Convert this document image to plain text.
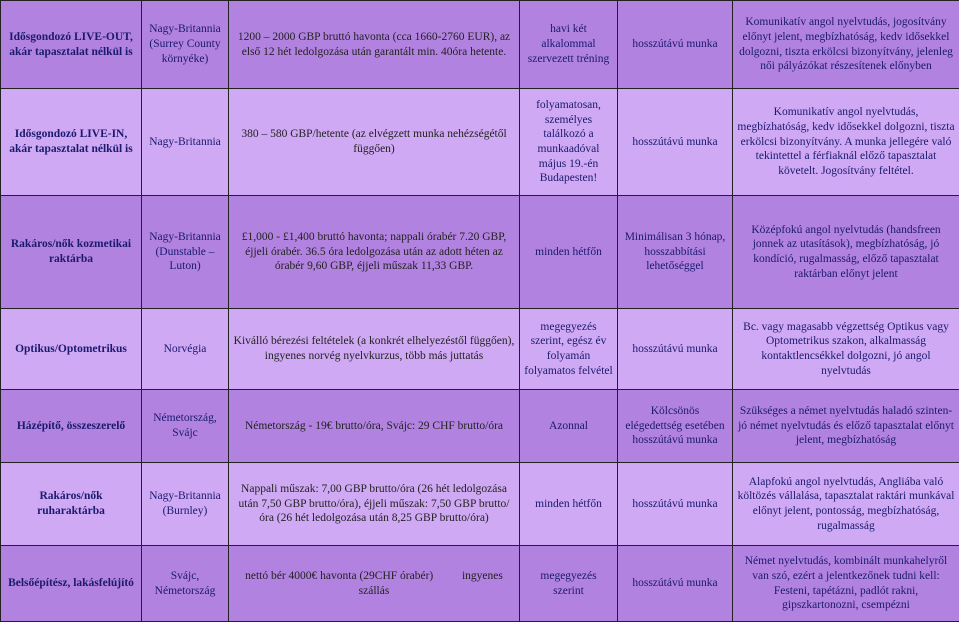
Idősgondozó LIVE-OUT, akár tapasztalat nélkül is	Nagy-Britannia (Surrey County környéke)	1200 – 2000 GBP bruttó havonta (cca 1660-2760 EUR), az első 12 hét ledolgozása után garantált min. 40óra hetente.	havi két alkalommal szervezett tréning	hosszútávú munka	Komunikatív angol nyelvtudás, jogosítvány előnyt jelent, megbízhatóság, kedv idősekkel dolgozni, tiszta erkölcsi bizonyítvány, jelenleg női pályázókat részesítenek előnyben
Idősgondozó LIVE-IN, akár tapasztalat nélkül is	Nagy-Britannia	380 – 580 GBP/hetente (az elvégzett munka nehézségétől függően)	folyamatosan, személyes találkozó a munkaadóval május 19.-én Budapesten!	hosszútávú munka	Komunikatív angol nyelvtudás, megbízhatóság, kedv idősekkel dolgozni, tiszta erkölcsi bizonyítvány. A munka jellegére való tekintettel a férfiaknál előző tapasztalat követelt. Jogosítvány feltétel.
Rakáros/nők kozmetikai raktárba	Nagy-Britannia (Dunstable – Luton)	£1,000 - £1,400 bruttó havonta; nappali órabér 7.20 GBP, éjjeli órabér. 36.5 óra ledolgozása után az adott héten az órabér 9,60 GBP, éjjeli műszak 11,33 GBP.	minden hétfőn	Minimálisan 3 hónap, hosszabbítási lehetőséggel	Középfokú angol nyelvtudás (handsfreen jonnek az utasítások), megbízhatóság, jó kondíció, rugalmasság, előző tapasztalat raktárban előnyt jelent
Optikus/Optometrikus	Norvégia	Kiválló bérezési feltételek (a konkrét elhelyezéstől függően), ingyenes norvég nyelvkurzus, több más juttatás	megegyezés szerint, egész év folyamán folyamatos felvétel	hosszútávú munka	Bc. vagy magasabb végzettség Optikus vagy Optometrikus szakon, alkalmasság kontaktlencsékkel dolgozni, jó angol nyelvtudás
Házépítő, összeszerelő	Németország, Svájc	Németország - 19€ brutto/óra, Svájc: 29 CHF brutto/óra	Azonnal	Kölcsönös elégedettség esetében hosszútávú munka	Szükséges a német nyelvtudás haladó szinten- jó német nyelvtudás és előző tapasztalat előnyt jelent, megbízhatóság
Rakáros/nők ruharaktárba	Nagy-Britannia (Burnley)	Nappali műszak: 7,00 GBP brutto/óra (26 hét ledolgozása után 7,50 GBP brutto/óra), éjjeli műszak: 7,50 GBP brutto/óra (26 hét ledolgozása után 8,25 GBP brutto/óra)	minden hétfőn	hosszútávú munka	Alapfokú angol nyelvtudás, Angliába való költözés vállalása, tapasztalat raktári munkával előnyt jelent, pontosság, megbízhatóság, rugalmasság
Belsőépítész, lakásfelújító	Svájc, Németország	nettó bér 4000€ havonta (29CHF órabér)          ingyenes szállás	megegyezés szerint	hosszútávú munka	Német nyelvtudás, kombinált munkahelyről van szó, ezért a jelentkezőnek tudni kell: Festeni, tapétázni, padlót rakni, gipszkartonozni, csempézni
